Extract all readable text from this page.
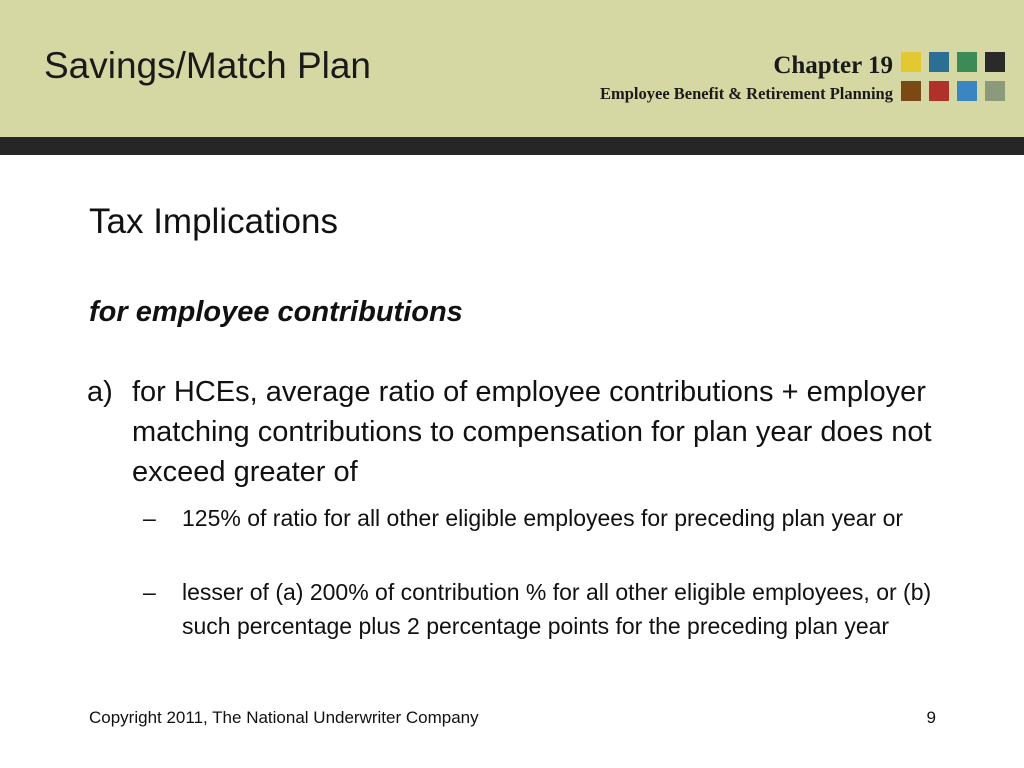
Savings/Match Plan	Chapter 19
Employee Benefit & Retirement Planning
Tax Implications
for employee contributions
a) for HCEs, average ratio of employee contributions + employer matching contributions to compensation for plan year does not exceed greater of
– 125% of ratio for all other eligible employees for preceding plan year or
– lesser of (a) 200% of contribution % for all other eligible employees, or (b) such percentage plus 2 percentage points for the preceding plan year
Copyright 2011, The National Underwriter Company	9
